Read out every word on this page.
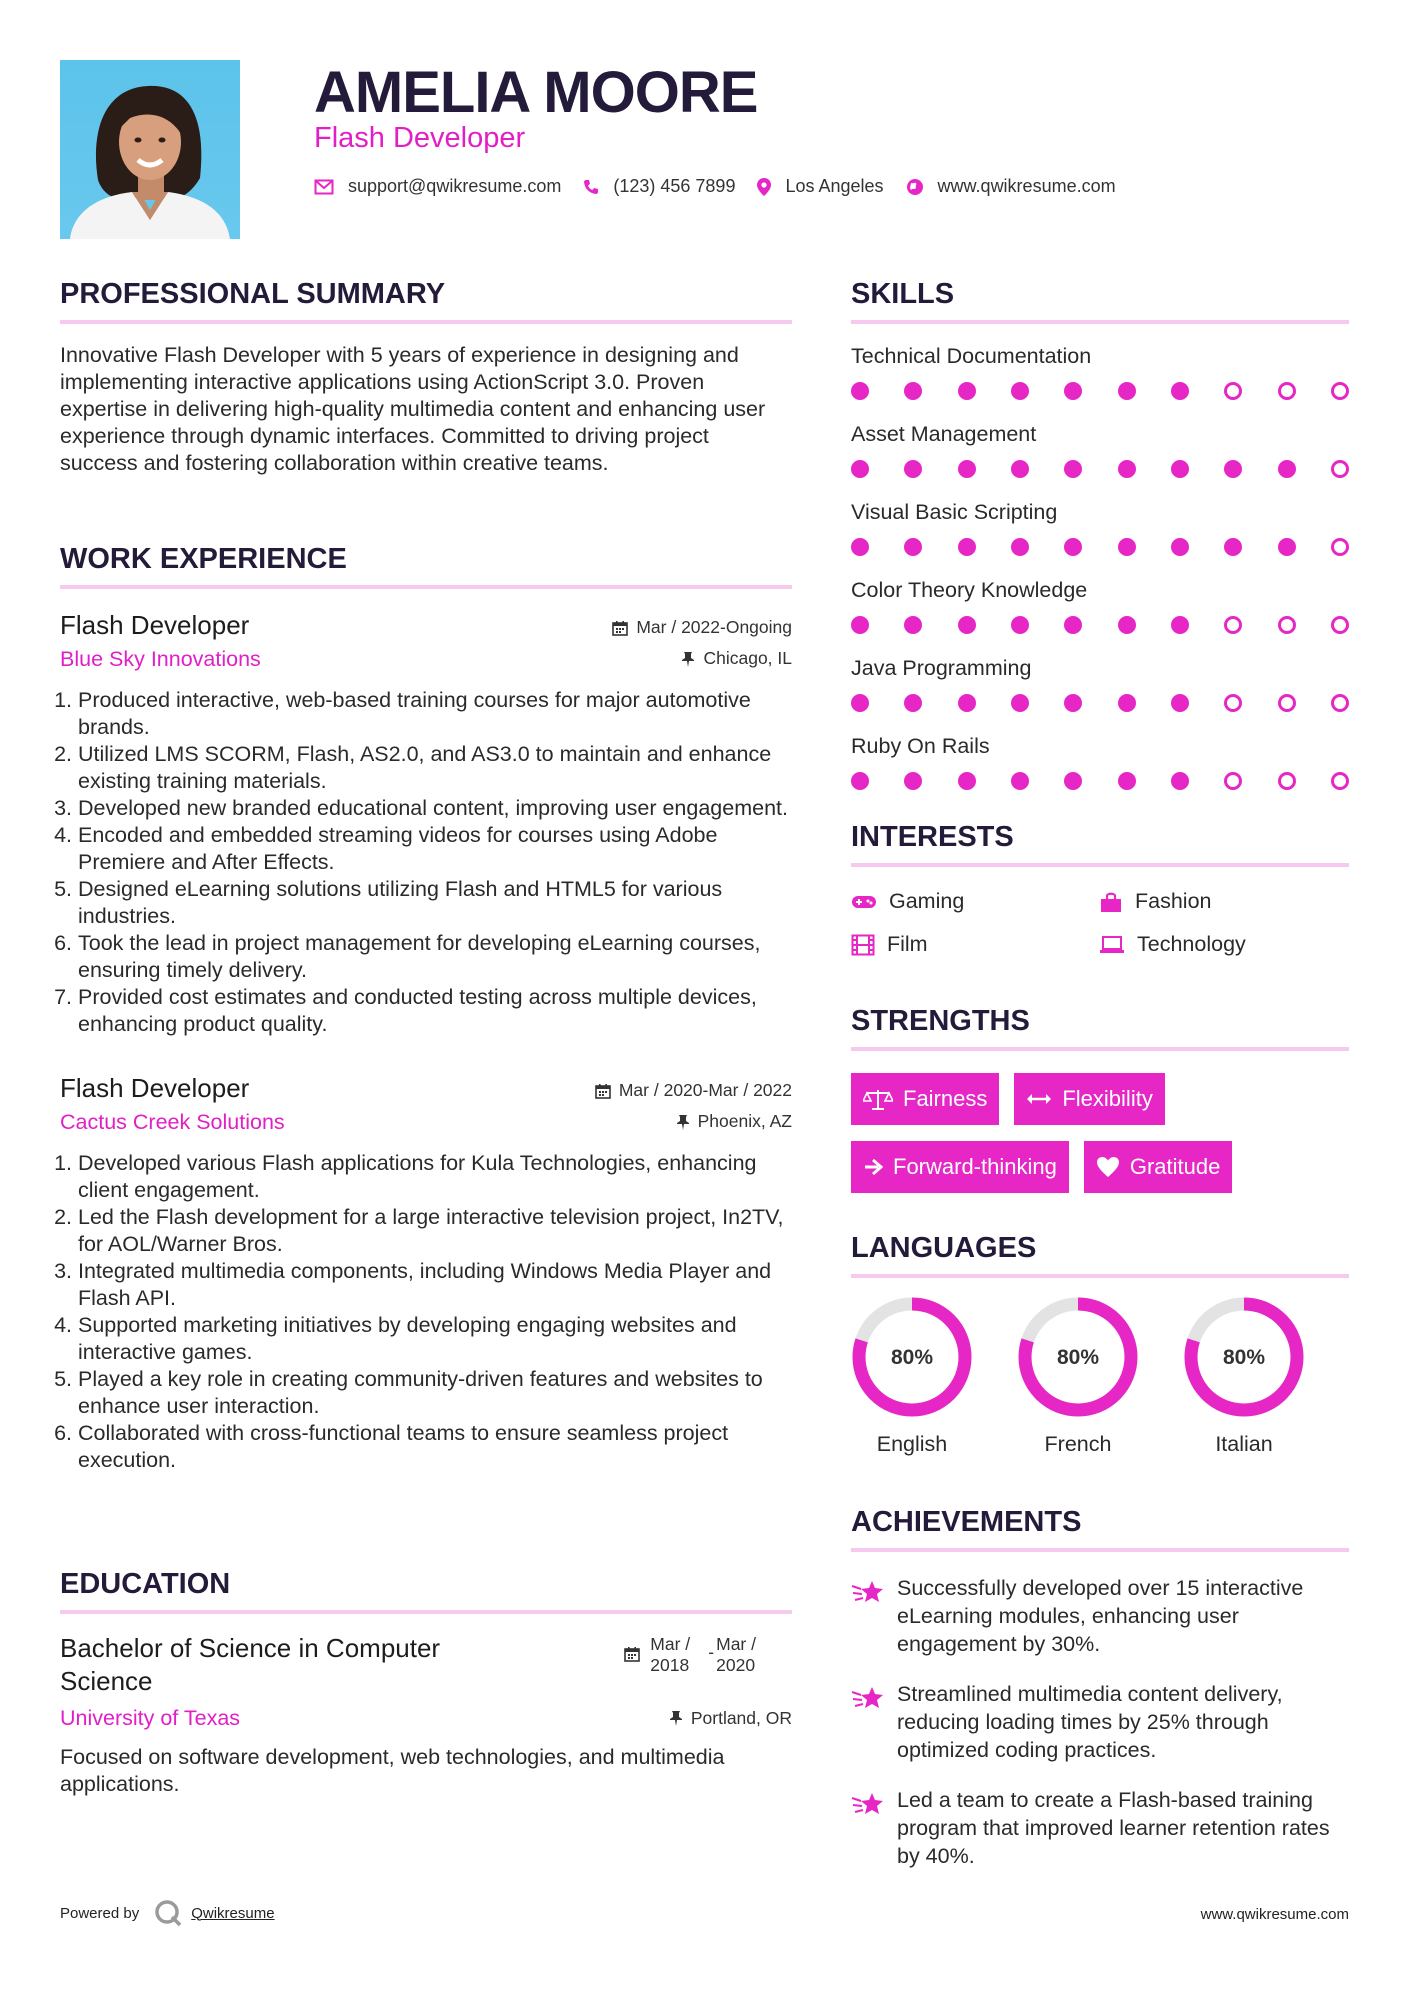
AMELIA MOORE
Flash Developer
support@qwikresume.com	(123) 456 7899	Los Angeles	www.qwikresume.com
PROFESSIONAL SUMMARY

Innovative Flash Developer with 5 years of experience in designing and implementing interactive applications using ActionScript 3.0. Proven expertise in delivering high-quality multimedia content and enhancing user experience through dynamic interfaces. Committed to driving project success and fostering collaboration within creative teams.

WORK EXPERIENCE
Flash Developer
Blue Sky Innovations
Mar / 2022-Ongoing
Chicago, IL
1. Produced interactive, web-based training courses for major automotive brands.
2. Utilized LMS SCORM, Flash, AS2.0, and AS3.0 to maintain and enhance existing training materials.
3. Developed new branded educational content, improving user engagement.
4. Encoded and embedded streaming videos for courses using Adobe Premiere and After Effects.
5. Designed eLearning solutions utilizing Flash and HTML5 for various industries.
6. Took the lead in project management for developing eLearning courses, ensuring timely delivery.
7. Provided cost estimates and conducted testing across multiple devices, enhancing product quality.
Flash Developer
Cactus Creek Solutions
Mar / 2020-Mar / 2022
Phoenix, AZ
1. Developed various Flash applications for Kula Technologies, enhancing client engagement.
2. Led the Flash development for a large interactive television project, In2TV, for AOL/Warner Bros.
3. Integrated multimedia components, including Windows Media Player and Flash API.
4. Supported marketing initiatives by developing engaging websites and interactive games.
5. Played a key role in creating community-driven features and websites to enhance user interaction.
6. Collaborated with cross-functional teams to ensure seamless project execution.
EDUCATION
Bachelor of Science in Computer Science
Mar /
2018
- Mar /
2020
University of Texas	Portland, OR

Focused on software development, web technologies, and multimedia applications.

SKILLS
Technical Documentation
Asset Management
Visual Basic Scripting
Color Theory Knowledge
Java Programming
Ruby On Rails
INTERESTS
Gaming	Fashion
Film	Technology
STRENGTHS
Fairness	Flexibility
Forward-thinking	Gratitude
LANGUAGES
80%
English
80%
French
80%
Italian
ACHIEVEMENTS
Successfully developed over 15 interactive eLearning modules, enhancing user engagement by 30%.
Streamlined multimedia content delivery, reducing loading times by 25% through optimized coding practices.
Led a team to create a Flash-based training program that improved learner retention rates by 40%.
Powered by	Qwikresume	www.qwikresume.com
